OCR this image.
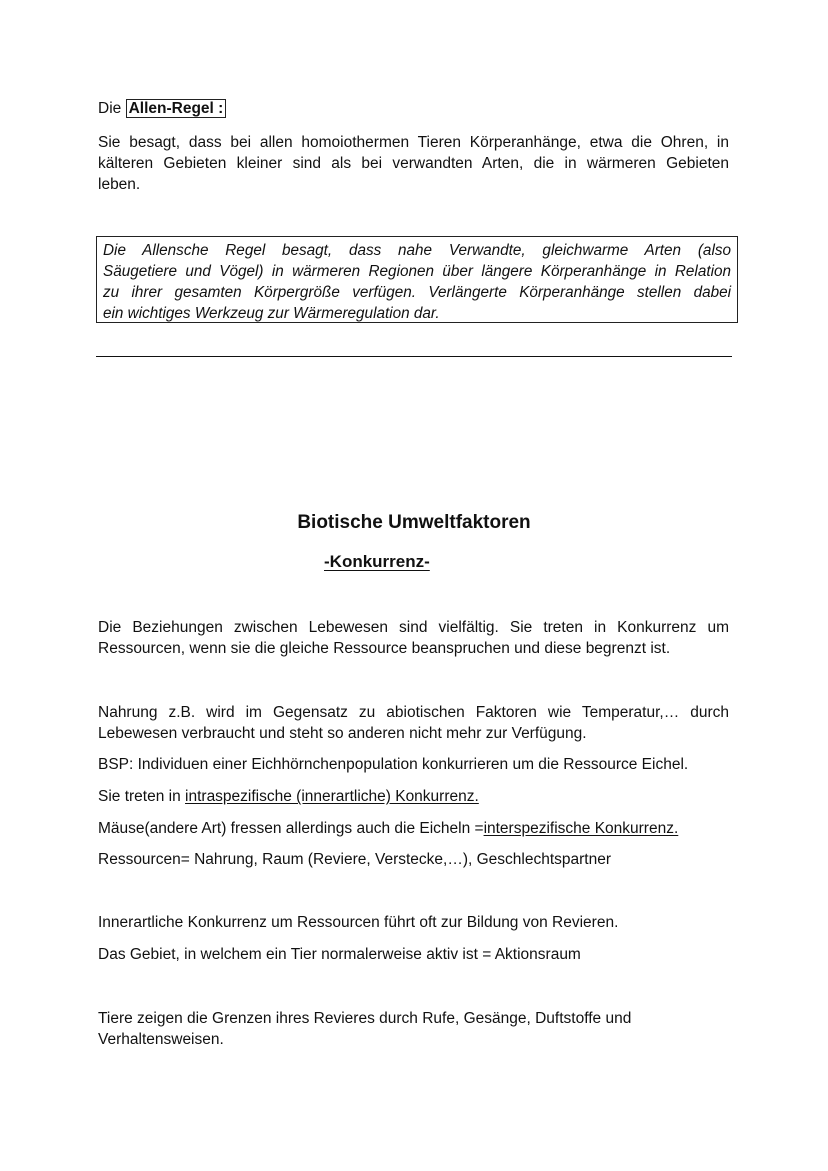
Die Allen-Regel :

Sie besagt, dass bei allen homoiothermen Tieren Körperanhänge, etwa die Ohren, in

kälteren Gebieten kleiner sind als bei verwandten Arten, die in wärmeren Gebieten

leben.

Die Allensche Regel besagt, dass nahe Verwandte, gleichwarme Arten (also

Säugetiere und Vögel) in wärmeren Regionen über längere Körperanhänge in Relation

zu ihrer gesamten Körpergröße verfügen. Verlängerte Körperanhänge stellen dabei

ein wichtiges Werkzeug zur Wärmeregulation dar.

Biotische Umweltfaktoren
-Konkurrenz-

Die Beziehungen zwischen Lebewesen sind vielfältig. Sie treten in Konkurrenz um

Ressourcen, wenn sie die gleiche Ressource beanspruchen und diese begrenzt ist.

Nahrung z.B. wird im Gegensatz zu abiotischen Faktoren wie Temperatur,… durch

Lebewesen verbraucht und steht so anderen nicht mehr zur Verfügung.

BSP: Individuen einer Eichhörnchenpopulation konkurrieren um die Ressource Eichel.

Sie treten in intraspezifische (innerartliche) Konkurrenz.

Mäuse(andere Art) fressen allerdings auch die Eicheln =interspezifische Konkurrenz.

Ressourcen= Nahrung, Raum (Reviere, Verstecke,…), Geschlechtspartner

Innerartliche Konkurrenz um Ressourcen führt oft zur Bildung von Revieren.

Das Gebiet, in welchem ein Tier normalerweise aktiv ist = Aktionsraum

Tiere zeigen die Grenzen ihres Revieres durch Rufe, Gesänge, Duftstoffe und

Verhaltensweisen.
